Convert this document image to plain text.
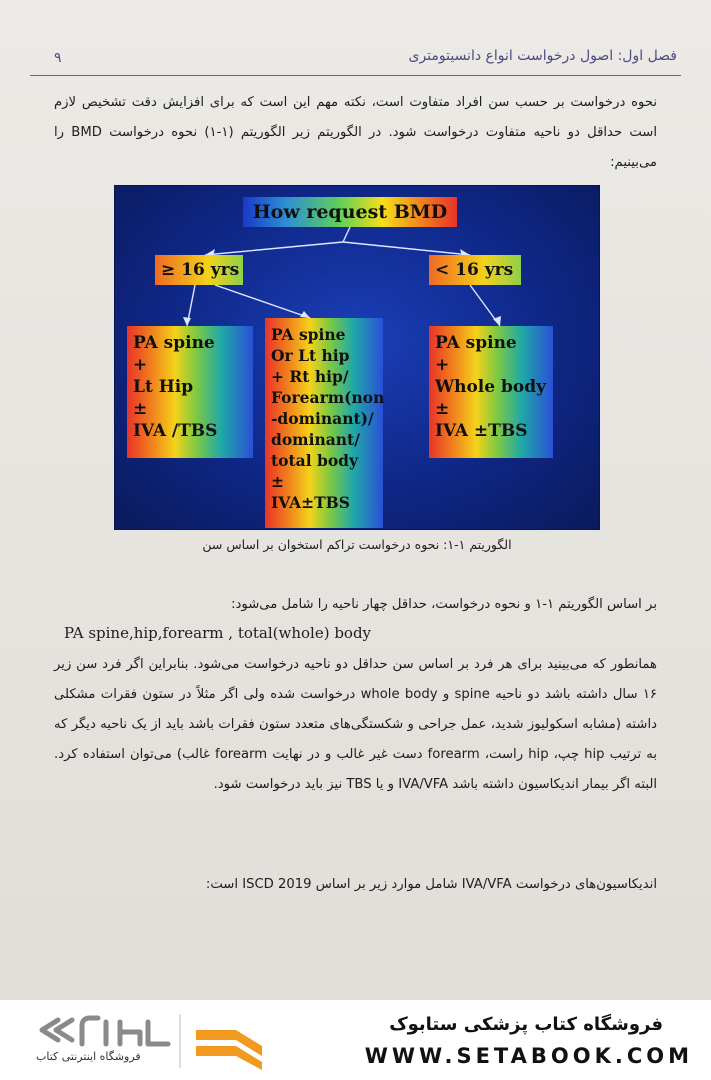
فصل اول: اصول درخواست انواع دانسیتومتری
۹

نحوه درخواست بر حسب سن افراد متفاوت است، نکته مهم این است که برای افزایش دقت تشخیص لازم است حداقل دو ناحیه متفاوت درخواست شود. در الگوریتم زیر الگوریتم (۱-۱) نحوه درخواست BMD را می‌بینیم:

How request BMD
≥ 16 yrs	< 16 yrs
PA spine
+
Lt Hip
±
IVA /TBS
PA spine
Or Lt hip
+ Rt hip/
Forearm(non
-dominant)/
dominant/
total body
±
IVA±TBS
PA spine
+
Whole body
±
IVA ±TBS
الگوریتم ۱-۱: نحوه درخواست تراکم استخوان بر اساس سن

بر اساس الگوریتم ۱-۱ و نحوه درخواست، حداقل چهار ناحیه را شامل می‌شود:

PA spine,hip,forearm , total(whole) body

همانطور که می‌بینید برای هر فرد بر اساس سن حداقل دو ناحیه درخواست می‌شود. بنابراین اگر فرد سن زیر ۱۶ سال داشته باشد دو ناحیه spine و whole body درخواست شده ولی اگر مثلاً در ستون فقرات مشکلی داشته (مشابه اسکولیوز شدید، عمل جراحی و شکستگی‌های متعدد ستون فقرات باشد باید از یک ناحیه دیگر که به ترتیب hip چپ، hip راست، forearm دست غیر غالب و در نهایت forearm غالب) می‌توان استفاده کرد. البته اگر بیمار اندیکاسیون داشته باشد IVA/VFA و یا TBS نیز باید درخواست شود.

اندیکاسیون‌های درخواست IVA/VFA شامل موارد زیر بر اساس ISCD 2019 است:

فروشگاه اینترنتی کتاب
فروشگاه کتاب پزشکی ستابوک
WWW.SETABOOK.COM
